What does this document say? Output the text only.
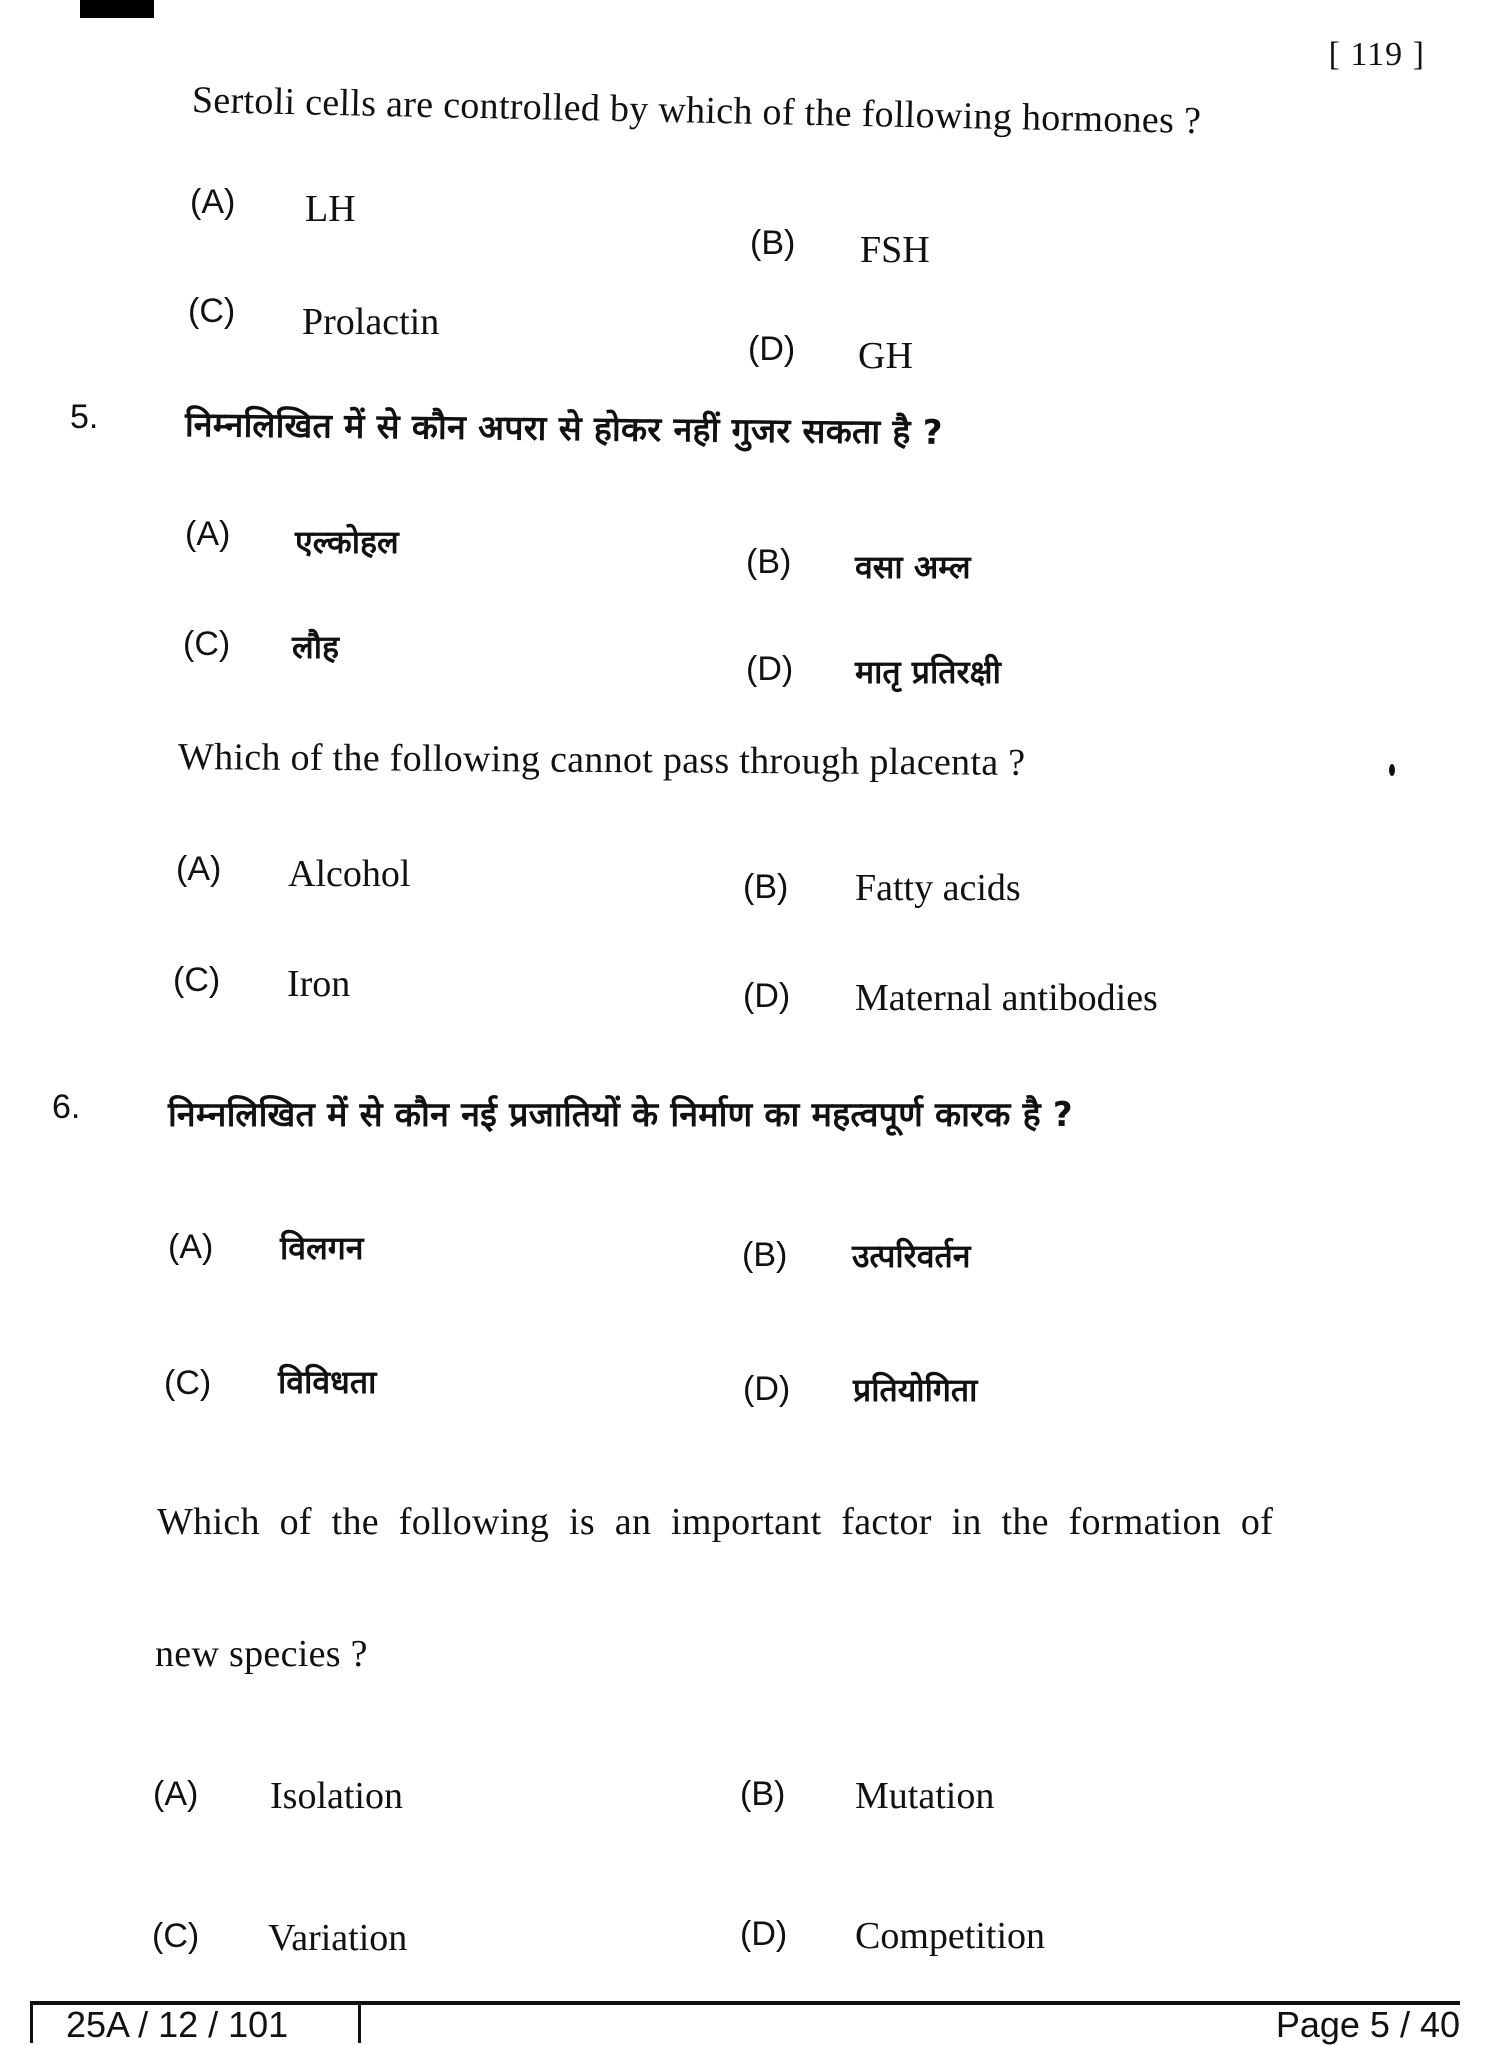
[ 119 ]
Sertoli cells are controlled by which of the following hormones ?
(A) LH
(B) FSH
(C) Prolactin
(D) GH
5.	निम्नलिखित में से कौन अपरा से होकर नहीं गुजर सकता है ?
(A) एल्कोहल
(B) वसा अम्ल
(C) लौह
(D) मातृ प्रतिरक्षी
Which of the following cannot pass through placenta ?
(A) Alcohol	(B) Fatty acids
(C) Iron	(D) Maternal antibodies
6.	निम्नलिखित में से कौन नई प्रजातियों के निर्माण का महत्वपूर्ण कारक है ?
(A) विलगन	(B) उत्परिवर्तन
(C) विविधता	(D) प्रतियोगिता
Which of the following is an important factor in the formation of
new species ?
(A) Isolation	(B) Mutation
(C) Variation	(D) Competition
25A / 12 / 101	Page 5 / 40
